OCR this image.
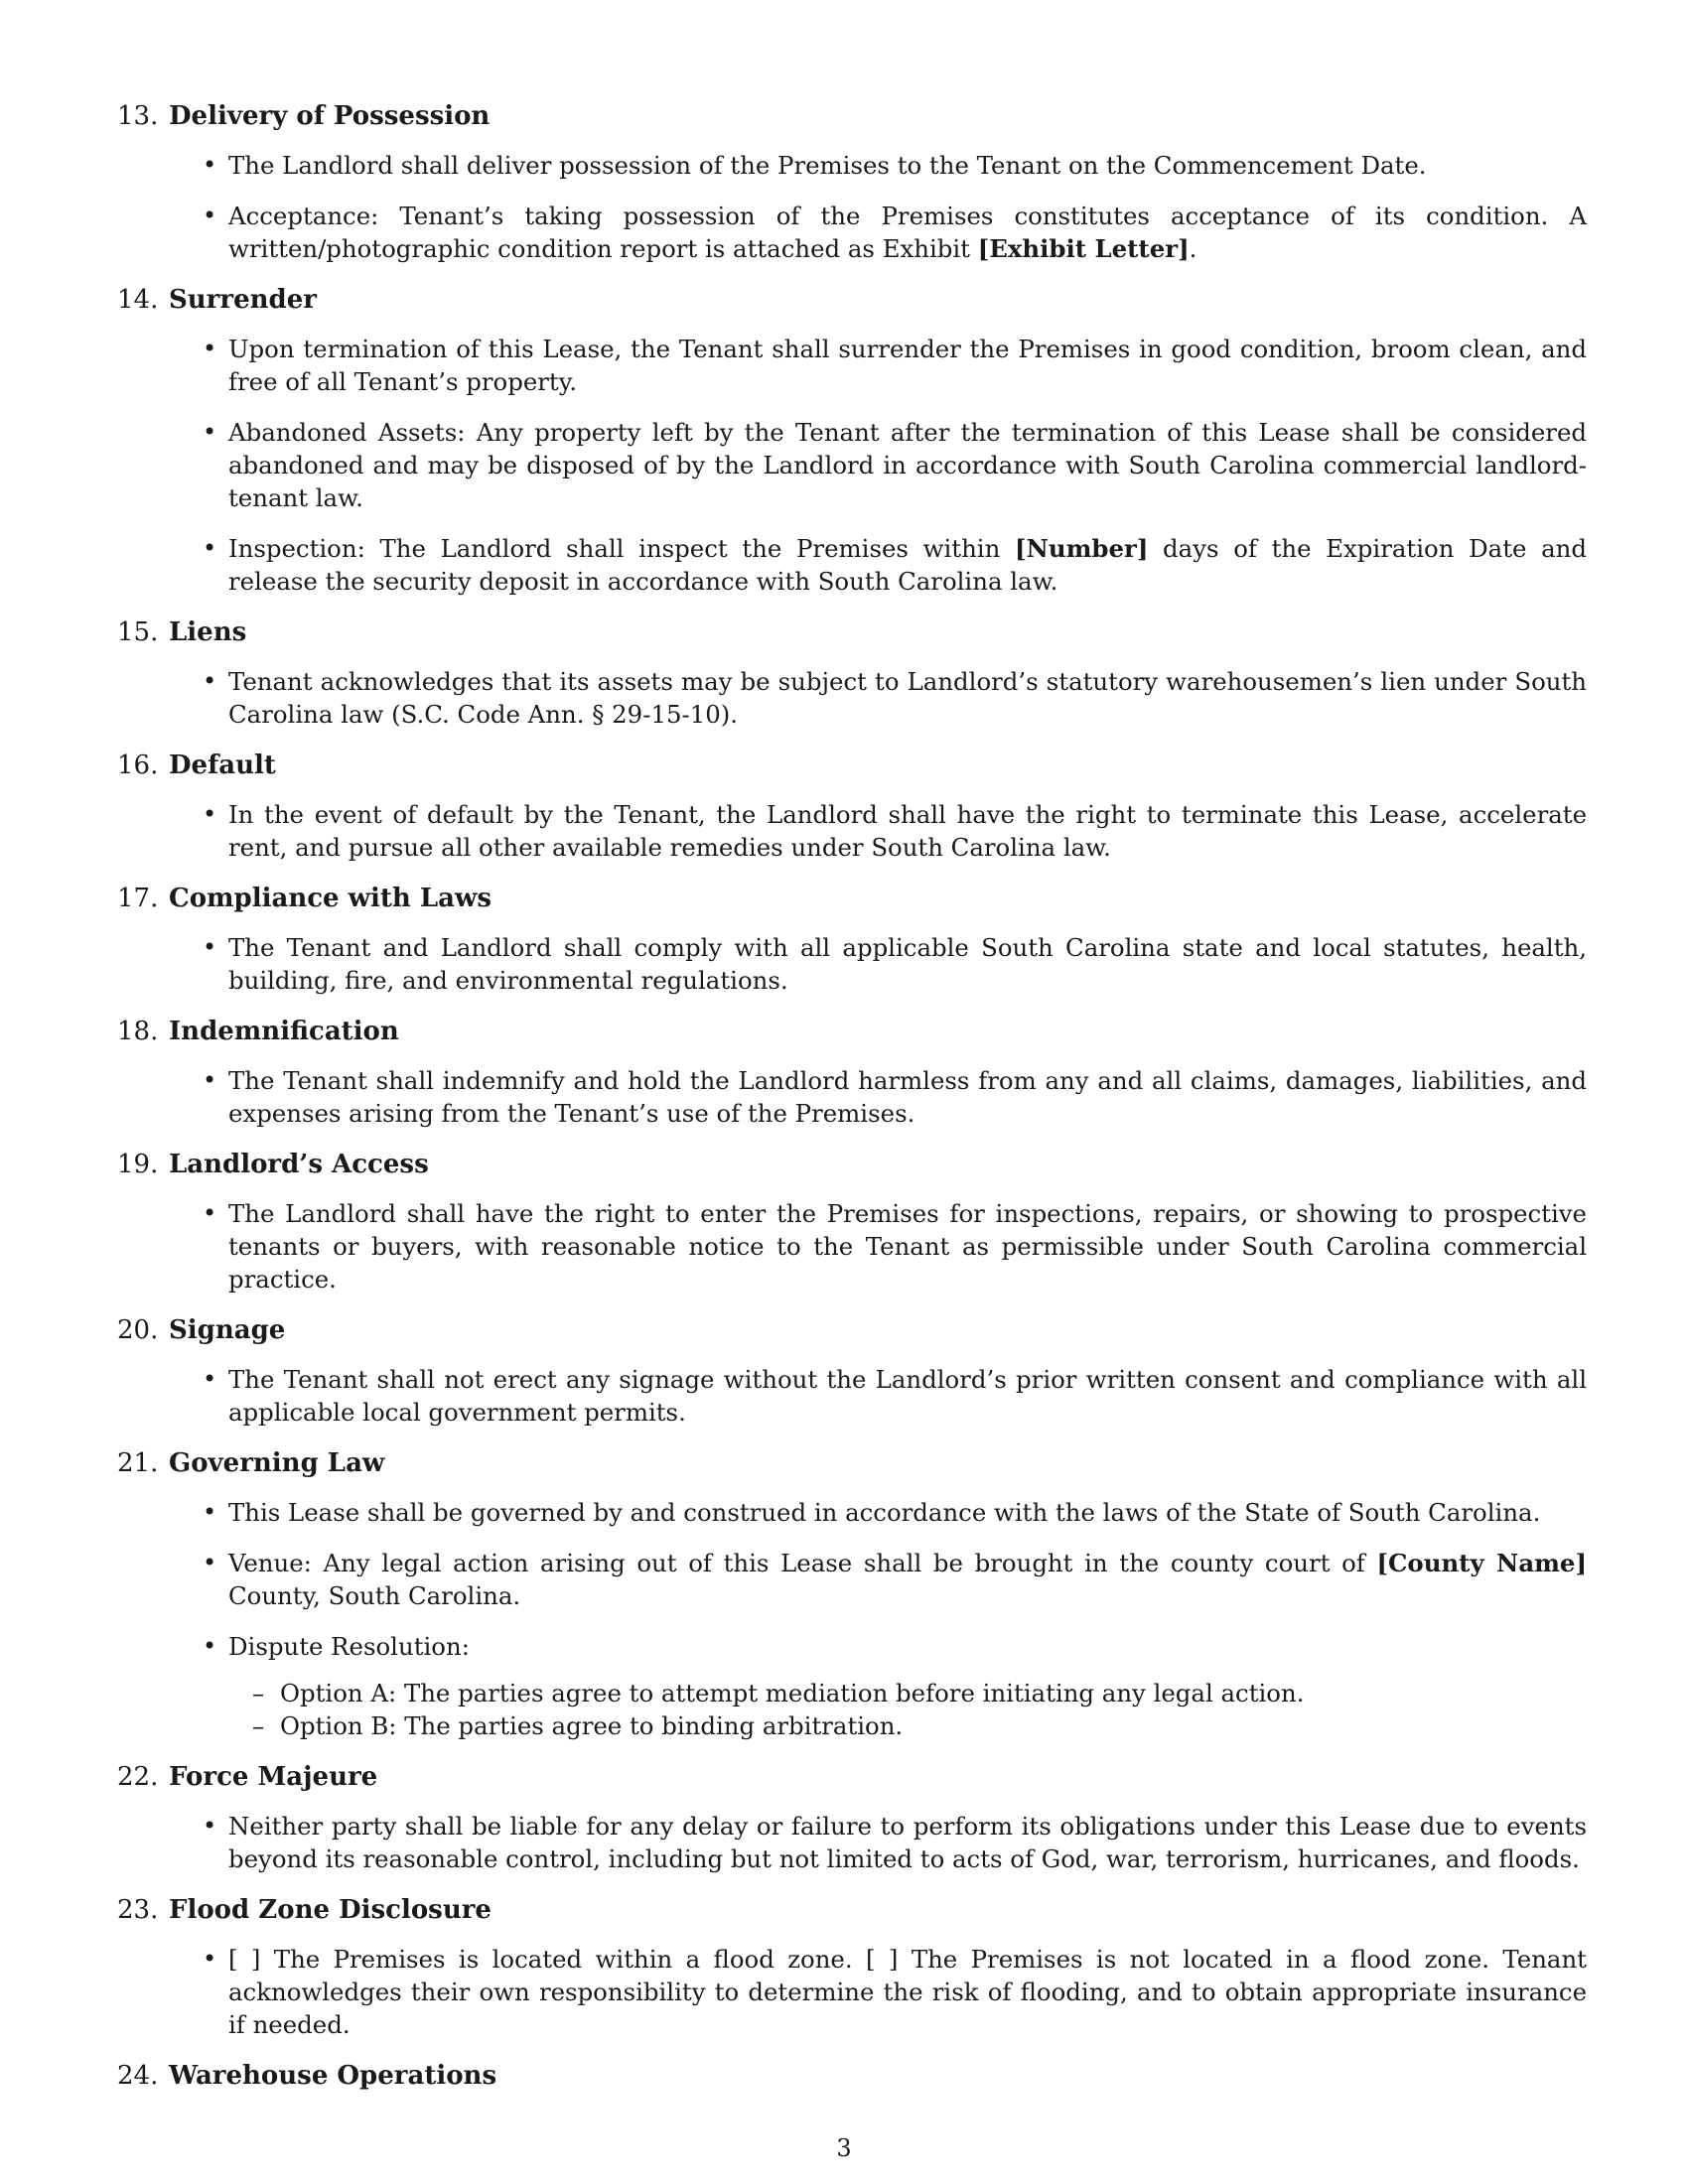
13. Delivery of Possession
• The Landlord shall deliver possession of the Premises to the Tenant on the Commencement Date.
• Acceptance: Tenant’s taking possession of the Premises constitutes acceptance of its condition. A written/photographic condition report is attached as Exhibit [Exhibit Letter].
14. Surrender
• Upon termination of this Lease, the Tenant shall surrender the Premises in good condition, broom clean, and free of all Tenant’s property.
• Abandoned Assets: Any property left by the Tenant after the termination of this Lease shall be considered abandoned and may be disposed of by the Landlord in accordance with South Carolina commercial landlord-tenant law.
• Inspection: The Landlord shall inspect the Premises within [Number] days of the Expiration Date and release the security deposit in accordance with South Carolina law.
15. Liens
• Tenant acknowledges that its assets may be subject to Landlord’s statutory warehousemen’s lien under South Carolina law (S.C. Code Ann. § 29-15-10).
16. Default
• In the event of default by the Tenant, the Landlord shall have the right to terminate this Lease, accelerate rent, and pursue all other available remedies under South Carolina law.
17. Compliance with Laws
• The Tenant and Landlord shall comply with all applicable South Carolina state and local statutes, health, building, fire, and environmental regulations.
18. Indemnification
• The Tenant shall indemnify and hold the Landlord harmless from any and all claims, damages, liabilities, and expenses arising from the Tenant’s use of the Premises.
19. Landlord’s Access
• The Landlord shall have the right to enter the Premises for inspections, repairs, or showing to prospective tenants or buyers, with reasonable notice to the Tenant as permissible under South Carolina commercial practice.
20. Signage
• The Tenant shall not erect any signage without the Landlord’s prior written consent and compliance with all applicable local government permits.
21. Governing Law
• This Lease shall be governed by and construed in accordance with the laws of the State of South Carolina.
• Venue: Any legal action arising out of this Lease shall be brought in the county court of [County Name] County, South Carolina.
• Dispute Resolution:
– Option A: The parties agree to attempt mediation before initiating any legal action.
– Option B: The parties agree to binding arbitration.
22. Force Majeure
• Neither party shall be liable for any delay or failure to perform its obligations under this Lease due to events beyond its reasonable control, including but not limited to acts of God, war, terrorism, hurricanes, and floods.
23. Flood Zone Disclosure
• [ ] The Premises is located within a flood zone. [ ] The Premises is not located in a flood zone. Tenant acknowledges their own responsibility to determine the risk of flooding, and to obtain appropriate insurance if needed.
24. Warehouse Operations
3
